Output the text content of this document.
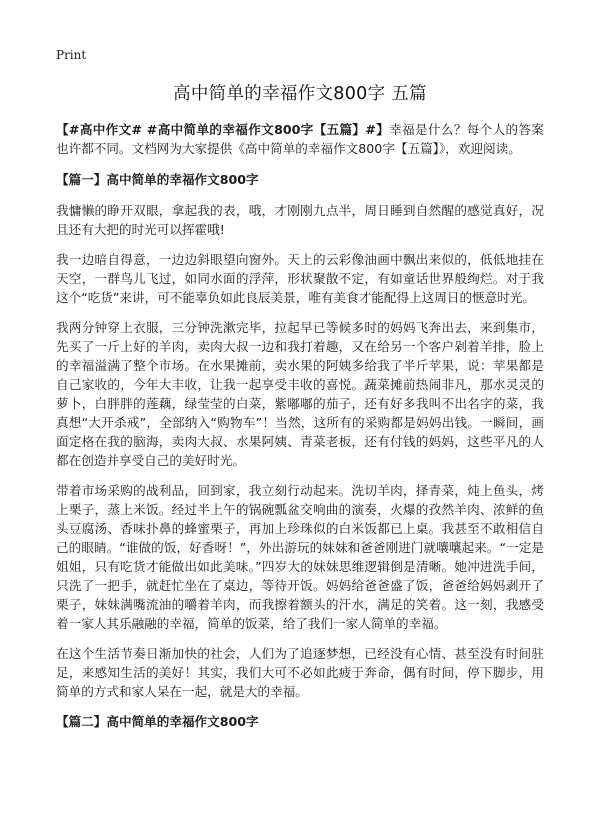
Print
高中简单的幸福作文800字 五篇

【#高中作文# #高中简单的幸福作文800字【五篇】#】幸福是什么？每个人的答案也许都不同。文档网为大家提供《高中简单的幸福作文800字【五篇】》，欢迎阅读。

【篇一】高中简单的幸福作文800字

我慵懒的睁开双眼，拿起我的表，哦，才刚刚九点半，周日睡到自然醒的感觉真好，况且还有大把的时光可以挥霍哦!

我一边暗自得意，一边边斜眼望向窗外。天上的云彩像油画中飘出来似的，低低地挂在天空，一群鸟儿飞过，如同水面的浮萍，形状聚散不定，有如童话世界般绚烂。对于我这个“吃货”来讲，可不能辜负如此良辰美景，唯有美食才能配得上这周日的惬意时光。

我两分钟穿上衣服，三分钟洗漱完毕，拉起早已等候多时的妈妈飞奔出去，来到集市，先买了一斤上好的羊肉，卖肉大叔一边和我打着趣，又在给另一个客户剁着羊排，脸上的幸福溢满了整个市场。在水果摊前，卖水果的阿姨多给我了半斤苹果，说：苹果都是自己家收的，今年大丰收，让我一起享受丰收的喜悦。蔬菜摊前热闹非凡，那水灵灵的萝卜，白胖胖的莲藕，绿莹莹的白菜，紫嘟嘟的茄子，还有好多我叫不出名字的菜，我真想“大开杀戒”，全部纳入“购物车”！当然，这所有的采购都是妈妈出钱。一瞬间，画面定格在我的脑海，卖肉大叔、水果阿姨、青菜老板，还有付钱的妈妈，这些平凡的人都在创造并享受自己的美好时光。

带着市场采购的战利品，回到家，我立刻行动起来。洗切羊肉，择青菜，炖上鱼头，烤上栗子，蒸上米饭。经过半上午的锅碗瓢盆交响曲的演奏，火爆的孜然羊肉、浓鲜的鱼头豆腐汤、香味扑鼻的蜂蜜栗子，再加上珍珠似的白米饭都已上桌。我甚至不敢相信自己的眼睛。“谁做的饭，好香呀！”，外出游玩的妹妹和爸爸刚进门就嚷嚷起来。“一定是姐姐，只有吃货才能做出如此美味。”四岁大的妹妹思维逻辑倒是清晰。她冲进洗手间，只洗了一把手，就赶忙坐在了桌边，等待开饭。妈妈给爸爸盛了饭，爸爸给妈妈剥开了栗子，妹妹满嘴流油的嚼着羊肉，而我擦着额头的汗水，满足的笑着。这一刻，我感受着一家人其乐融融的幸福，简单的饭菜，给了我们一家人简单的幸福。

在这个生活节奏日渐加快的社会，人们为了追逐梦想，已经没有心情、甚至没有时间驻足，来感知生活的美好！其实，我们大可不必如此疲于奔命，偶有时间，停下脚步，用简单的方式和家人呆在一起，就是大的幸福。

【篇二】高中简单的幸福作文800字
